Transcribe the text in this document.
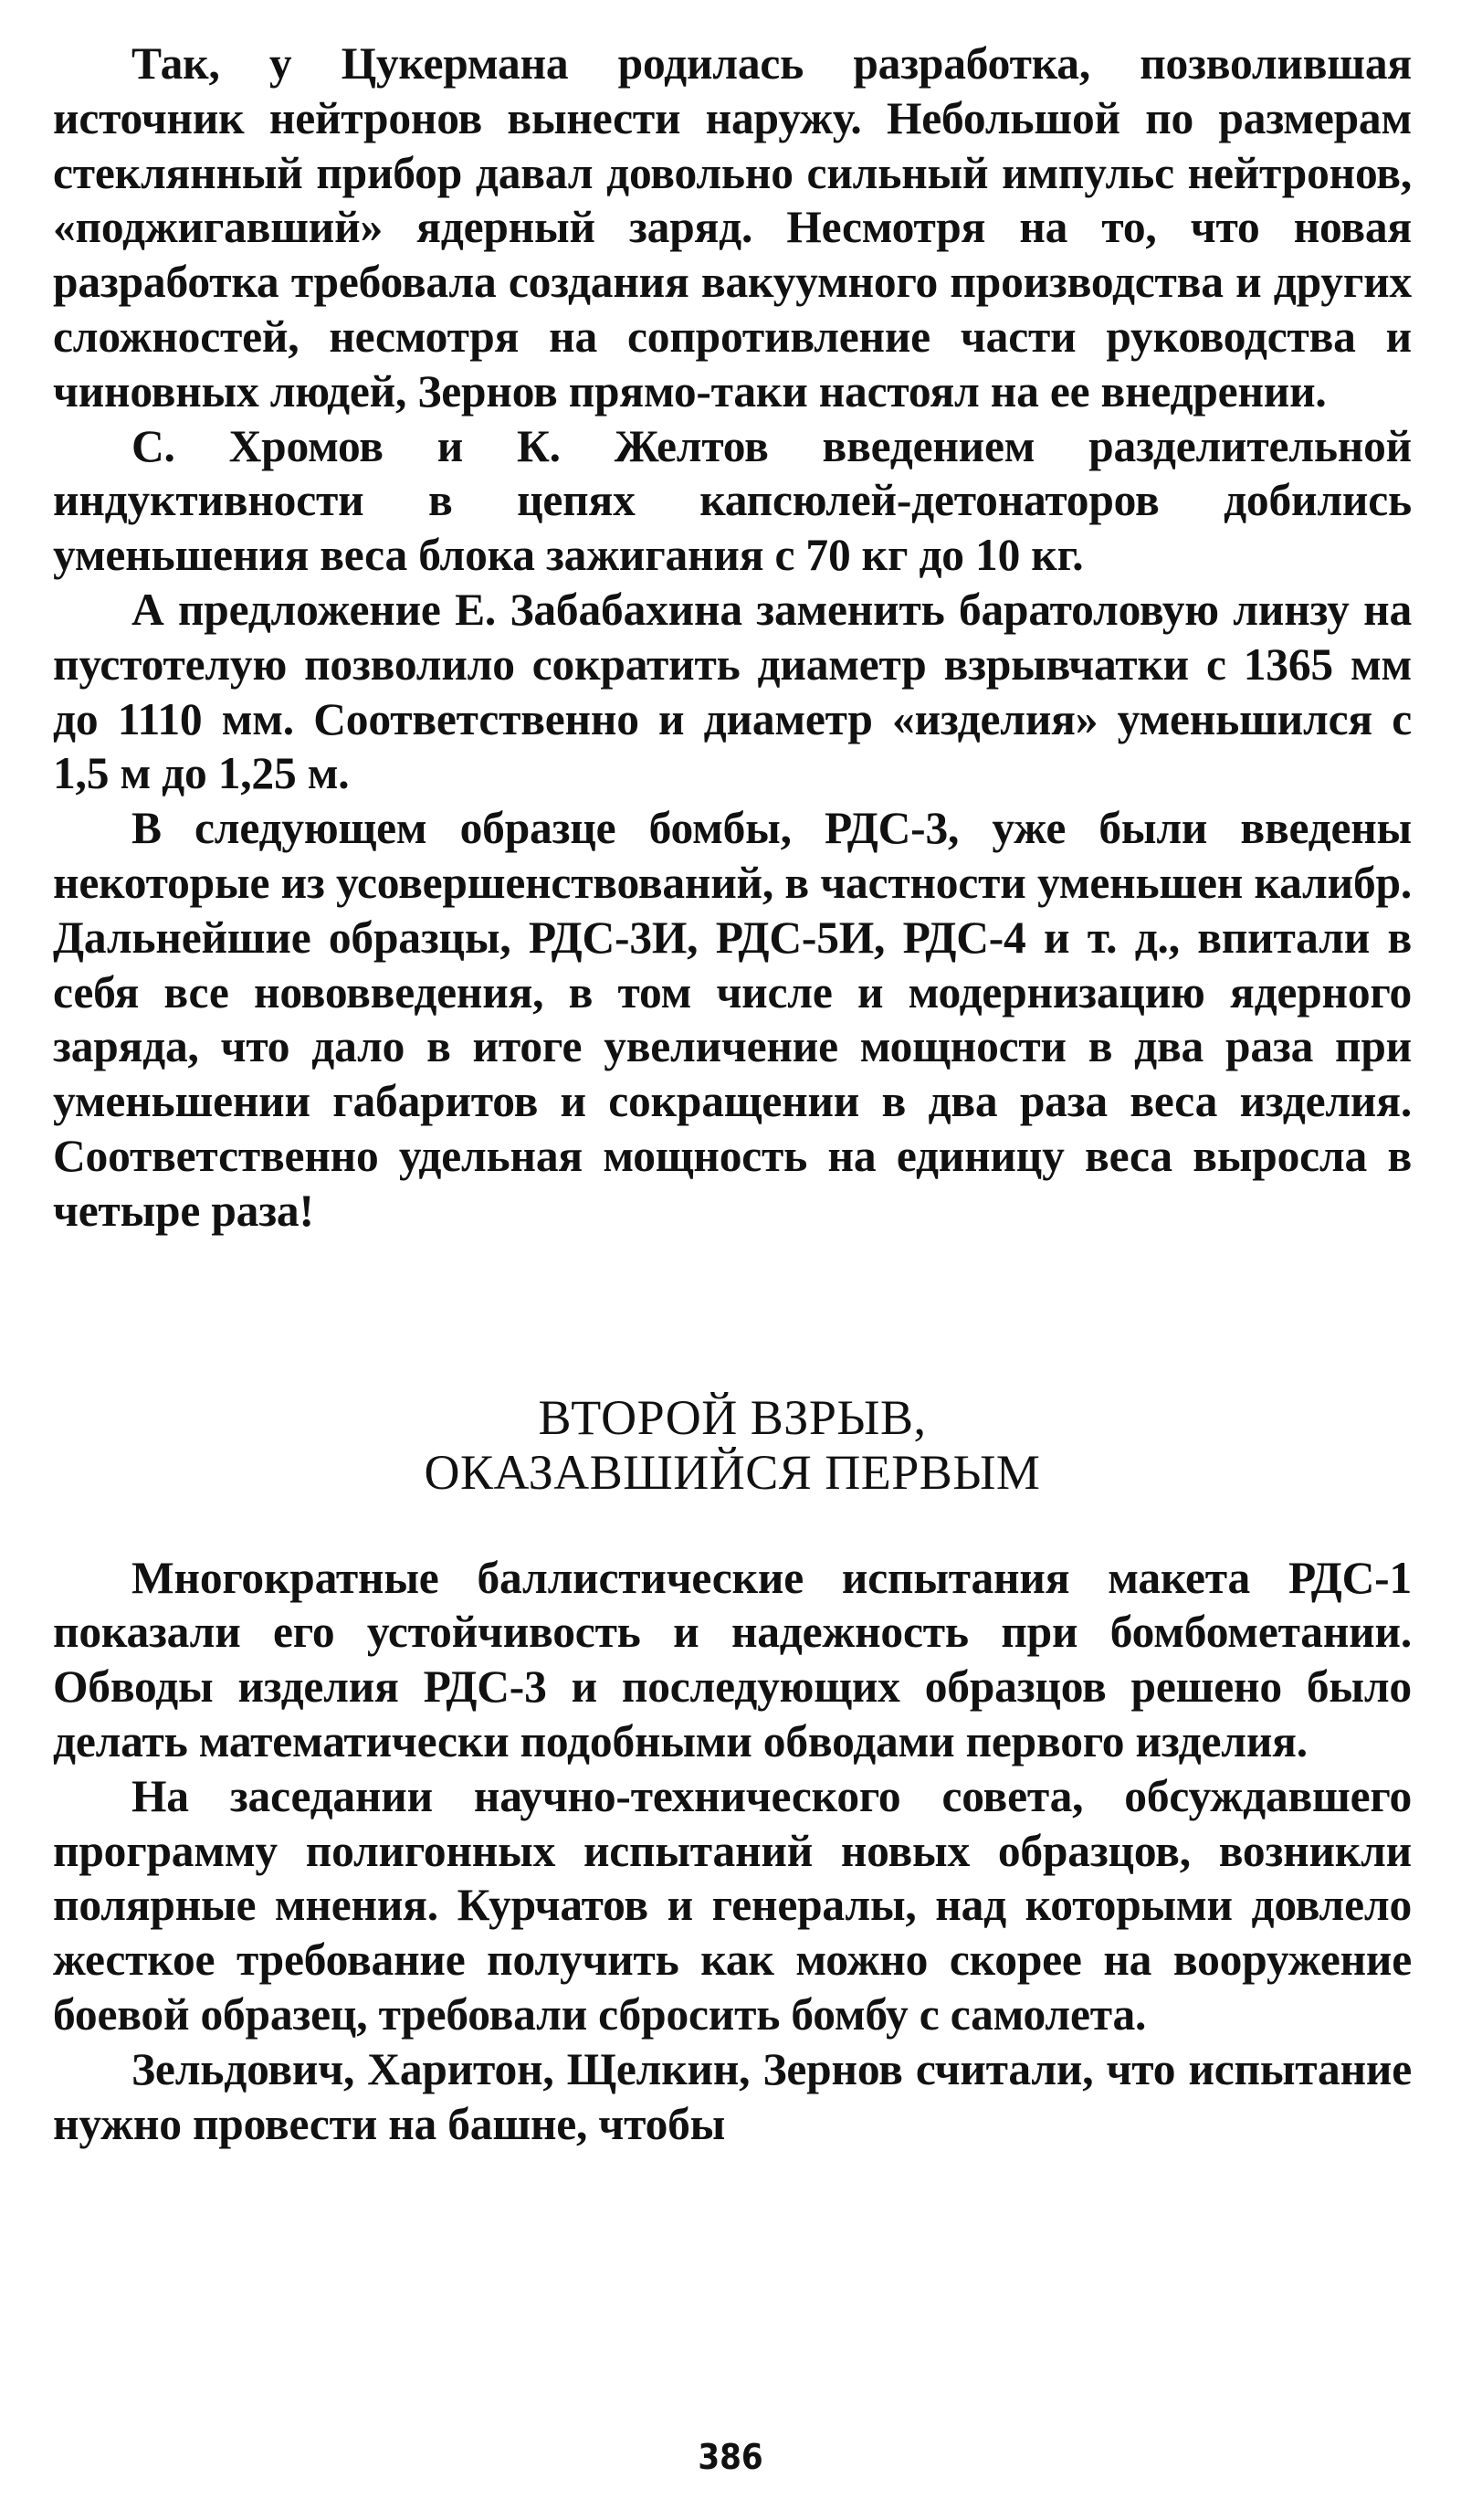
Так, у Цукермана родилась разработка, позволившая источник нейтронов вынести наружу. Небольшой по размерам стеклянный прибор давал довольно сильный импульс нейтронов, «поджигавший» ядерный заряд. Несмотря на то, что новая разработка требовала создания вакуумного производства и других сложностей, несмотря на сопротивление части руководства и чиновных людей, Зернов прямо-таки настоял на ее внедрении.

С. Хромов и К. Желтов введением разделительной индуктивности в цепях капсюлей-детонаторов добились уменьшения веса блока зажигания с 70 кг до 10 кг.

А предложение Е. Забабахина заменить баратоловую линзу на пустотелую позволило сократить диаметр взрывчатки с 1365 мм до 1110 мм. Соответственно и диаметр «изделия» уменьшился с 1,5 м до 1,25 м.

В следующем образце бомбы, РДС-3, уже были введены некоторые из усовершенствований, в частности уменьшен калибр. Дальнейшие образцы, РДС-3И, РДС-5И, РДС-4 и т. д., впитали в себя все нововведения, в том числе и модернизацию ядерного заряда, что дало в итоге увеличение мощности в два раза при уменьшении габаритов и сокращении в два раза веса изделия. Соответственно удельная мощность на единицу веса выросла в четыре раза!

ВТОРОЙ ВЗРЫВ,
ОКАЗАВШИЙСЯ ПЕРВЫМ

Многократные баллистические испытания макета РДС-1 показали его устойчивость и надежность при бомбометании. Обводы изделия РДС-3 и последующих образцов решено было делать математически подобными обводами первого изделия.

На заседании научно-технического совета, обсуждавшего программу полигонных испытаний новых образцов, возникли полярные мнения. Курчатов и генералы, над которыми довлело жесткое требование получить как можно скорее на вооружение боевой образец, требовали сбросить бомбу с самолета.

Зельдович, Харитон, Щелкин, Зернов считали, что испытание нужно провести на башне, чтобы

386
